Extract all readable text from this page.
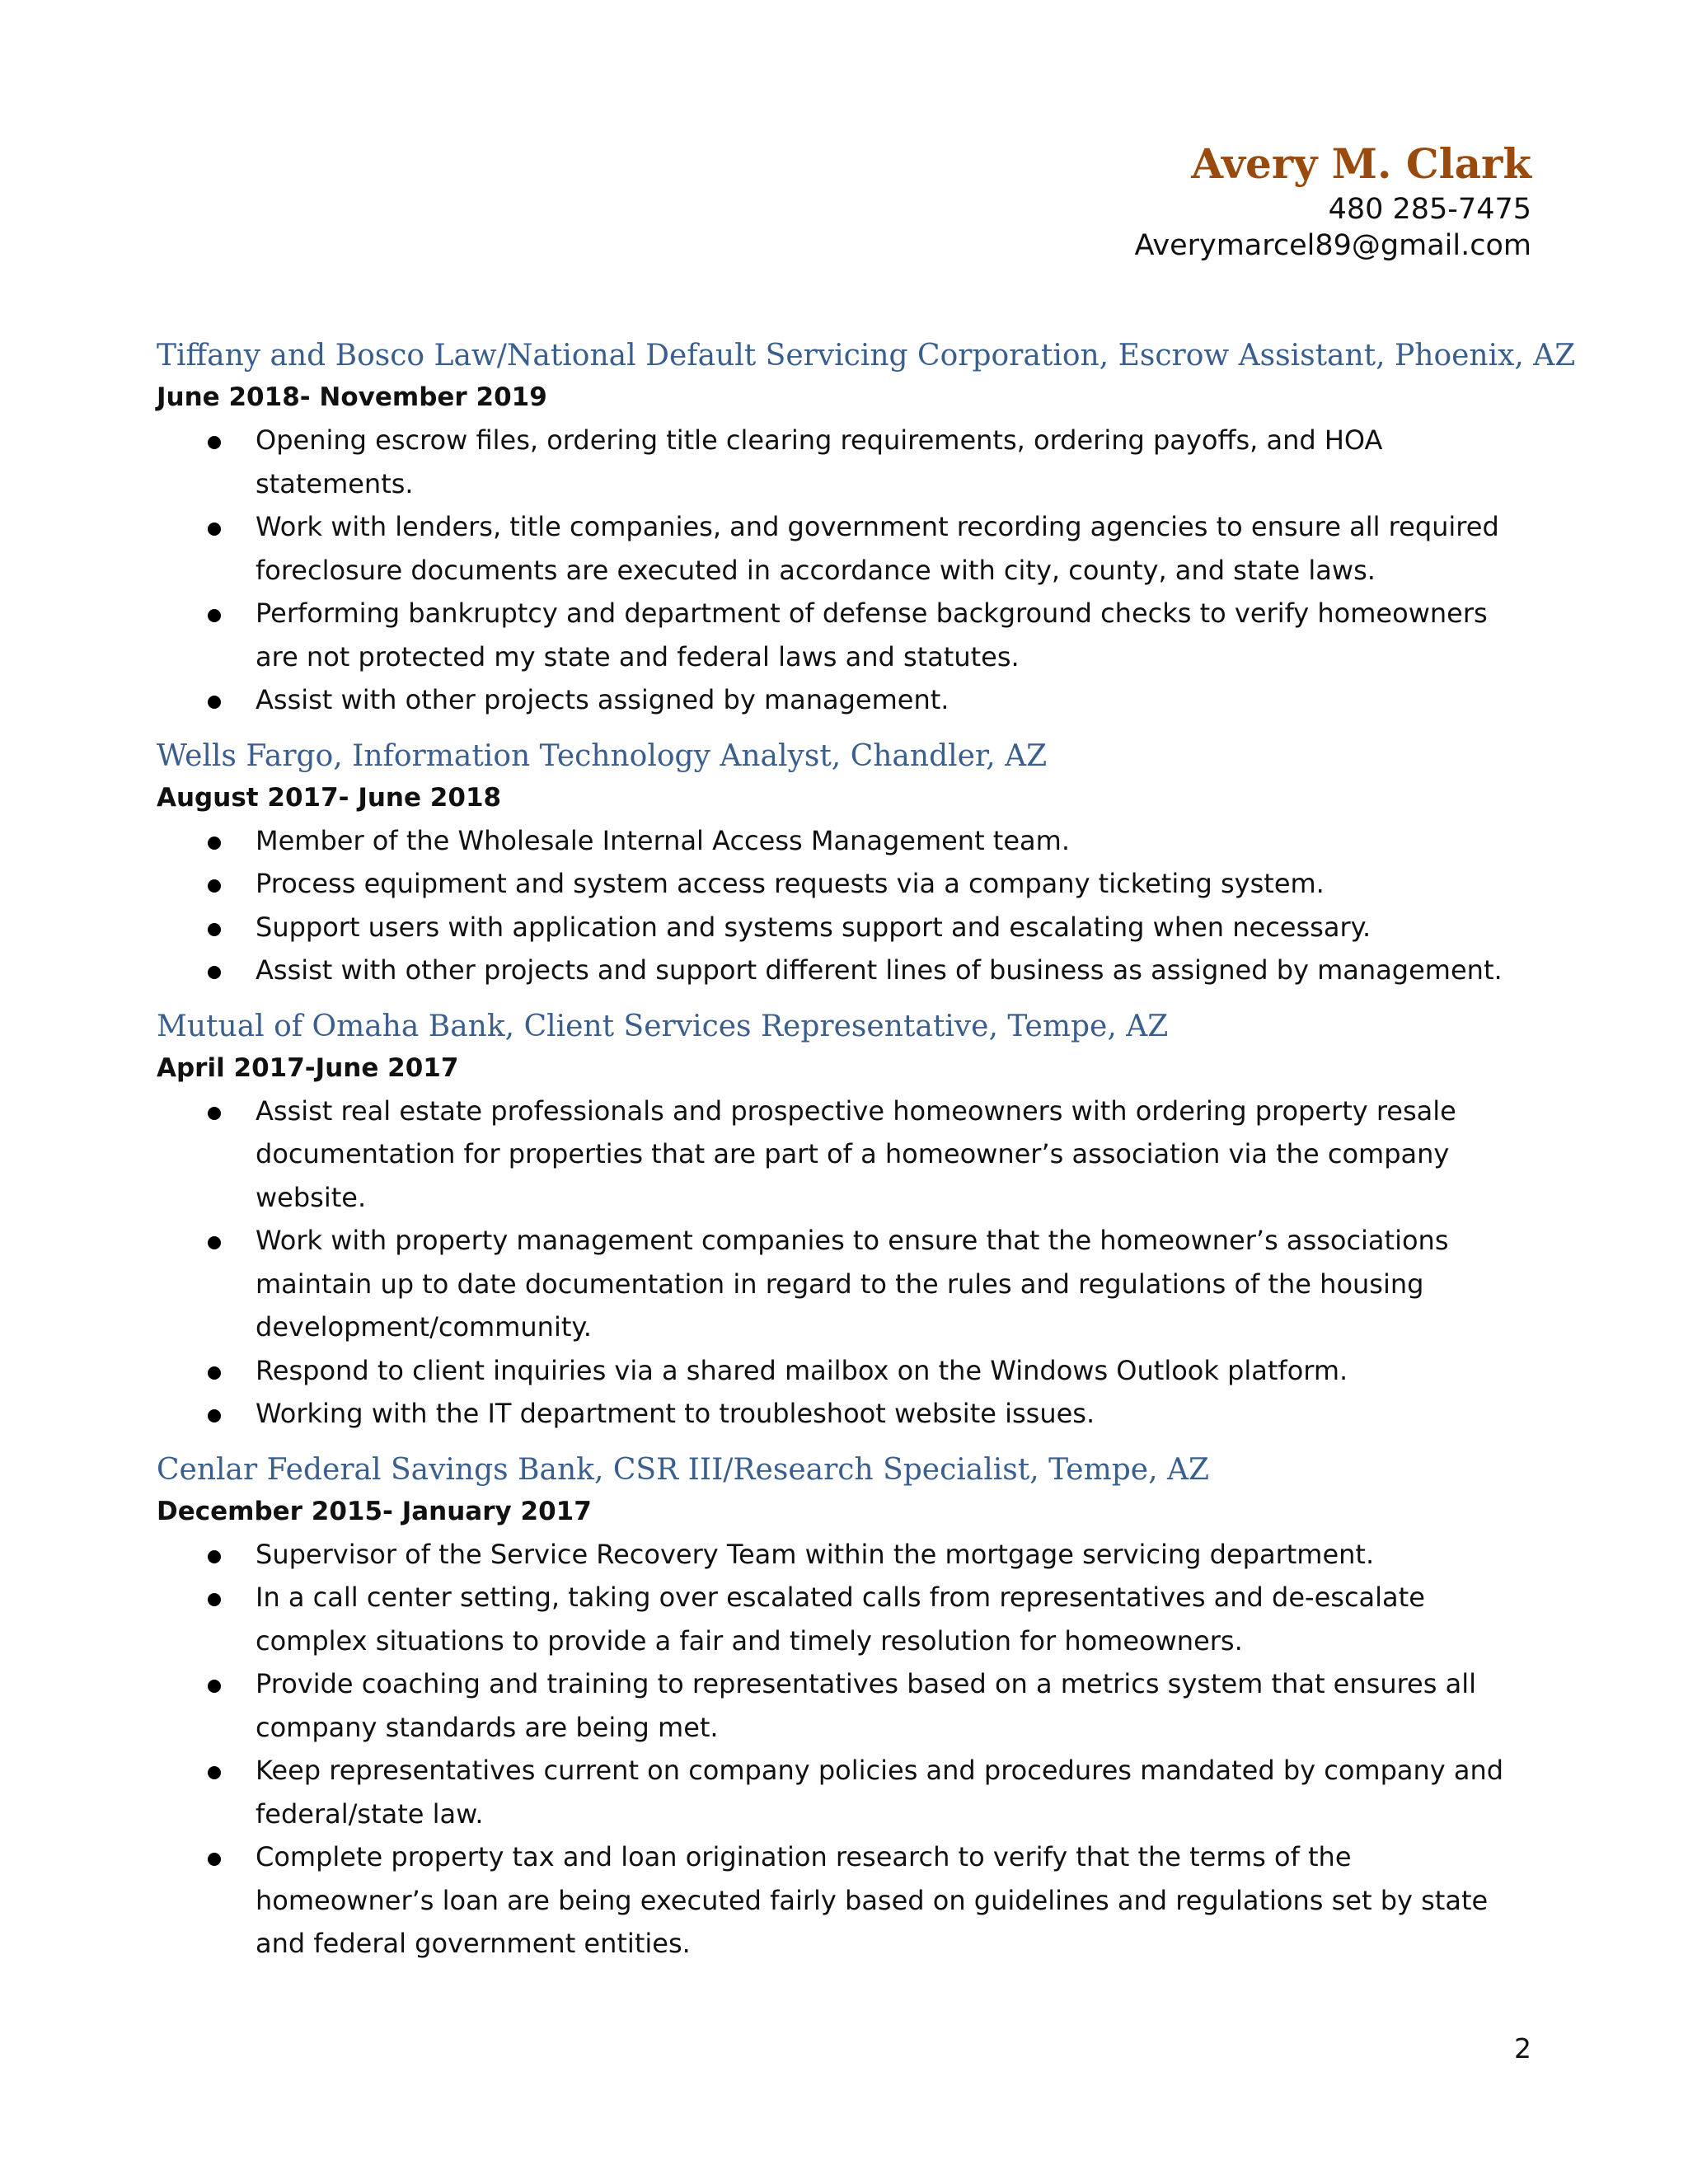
Avery M. Clark
480 285-7475
Averymarcel89@gmail.com
Tiffany and Bosco Law/National Default Servicing Corporation, Escrow Assistant, Phoenix, AZ
June 2018- November 2019
Opening escrow files, ordering title clearing requirements, ordering payoffs, and HOA statements.
Work with lenders, title companies, and government recording agencies to ensure all required foreclosure documents are executed in accordance with city, county, and state laws.
Performing bankruptcy and department of defense background checks to verify homeowners are not protected my state and federal laws and statutes.
Assist with other projects assigned by management.
Wells Fargo, Information Technology Analyst, Chandler, AZ
August 2017- June 2018
Member of the Wholesale Internal Access Management team.
Process equipment and system access requests via a company ticketing system.
Support users with application and systems support and escalating when necessary.
Assist with other projects and support different lines of business as assigned by management.
Mutual of Omaha Bank, Client Services Representative, Tempe, AZ
April 2017-June 2017
Assist real estate professionals and prospective homeowners with ordering property resale documentation for properties that are part of a homeowner’s association via the company website.
Work with property management companies to ensure that the homeowner’s associations maintain up to date documentation in regard to the rules and regulations of the housing development/community.
Respond to client inquiries via a shared mailbox on the Windows Outlook platform.
Working with the IT department to troubleshoot website issues.
Cenlar Federal Savings Bank, CSR III/Research Specialist, Tempe, AZ
December 2015- January 2017
Supervisor of the Service Recovery Team within the mortgage servicing department.
In a call center setting, taking over escalated calls from representatives and de-escalate complex situations to provide a fair and timely resolution for homeowners.
Provide coaching and training to representatives based on a metrics system that ensures all company standards are being met.
Keep representatives current on company policies and procedures mandated by company and federal/state law.
Complete property tax and loan origination research to verify that the terms of the homeowner’s loan are being executed fairly based on guidelines and regulations set by state and federal government entities.
2
